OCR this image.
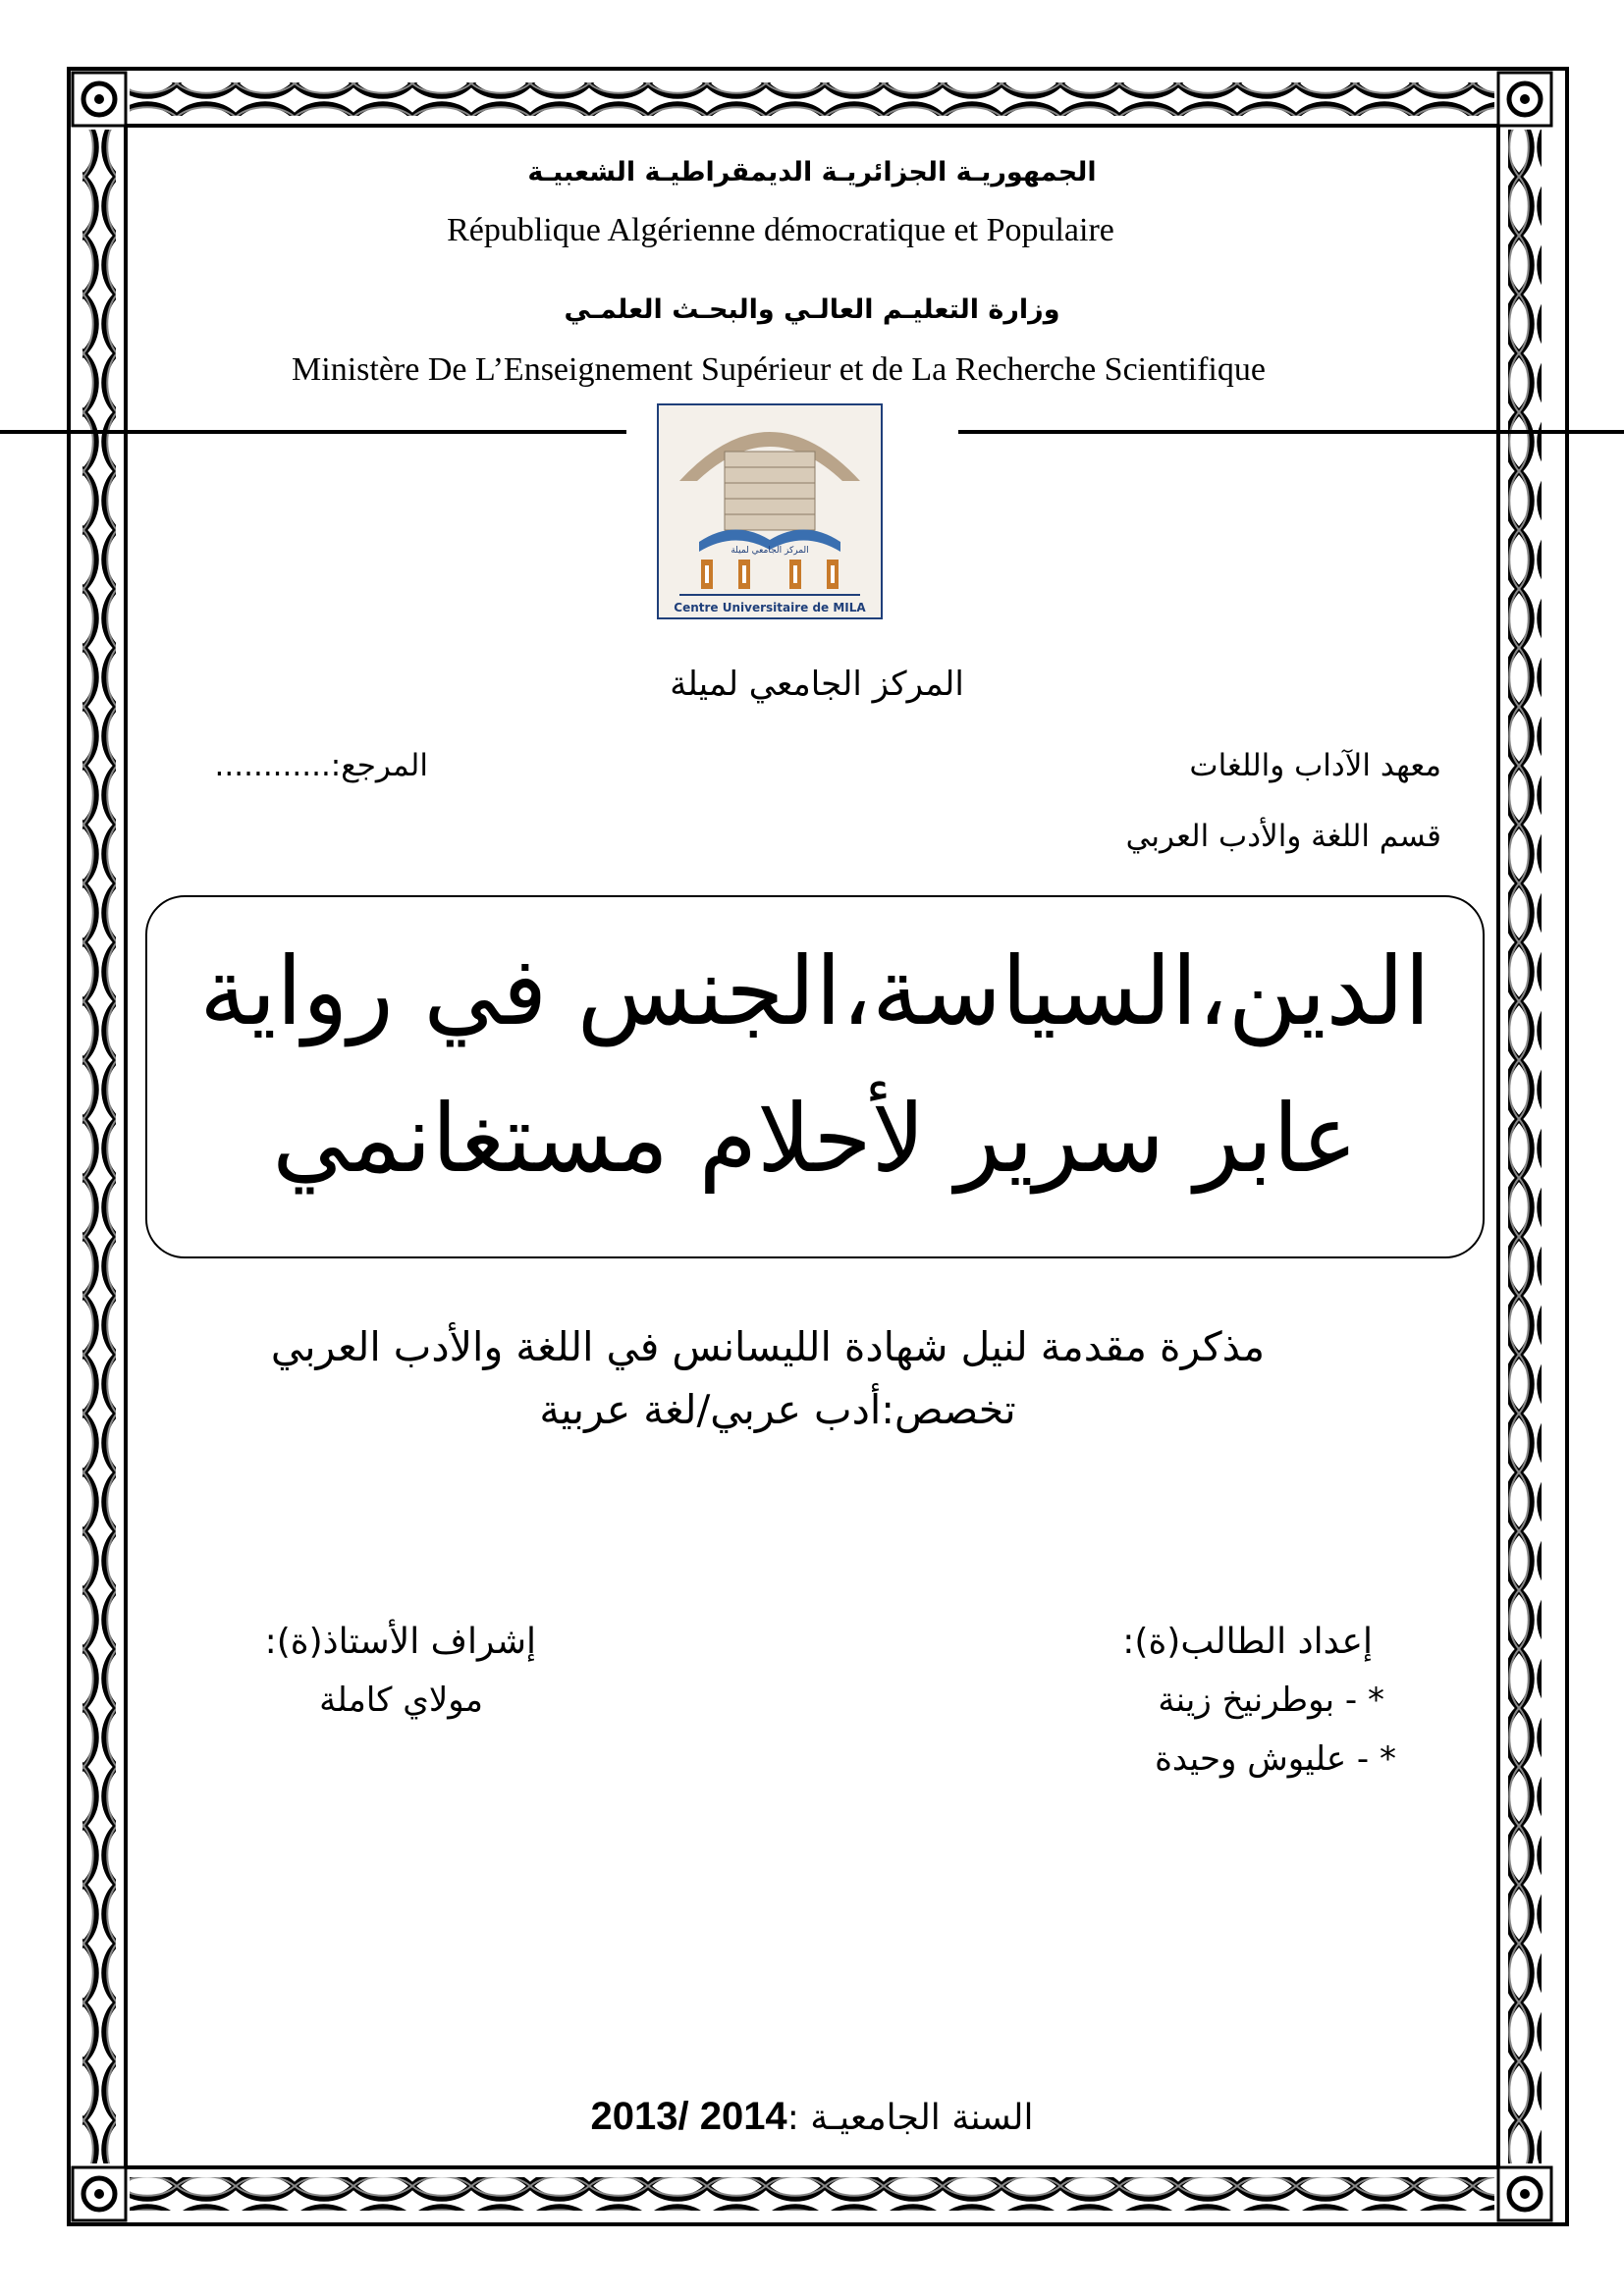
الجمهوريـة الجزائريـة الديمقراطيـة الشعبيـة
République Algérienne démocratique et Populaire
وزارة التعليـم العالـي والبحـث العلمـي
Ministère De L’Enseignement Supérieur et de La Recherche Scientifique
المركز الجامعي لميلة
Centre Universitaire de MILA
المركز الجامعي لميلة
معهد الآداب واللغات
المرجع:............
قسم اللغة والأدب العربي
الدين،السياسة،الجنس في رواية
عابر سرير لأحلام مستغانمي
مذكرة مقدمة لنيل شهادة الليسانس في اللغة والأدب العربي
تخصص:أدب عربي/لغة عربية
إشراف الأستاذ(ة):
مولاي كاملة
إعداد الطالب(ة):
* - بوطرنيخ زينة
* - عليوش وحيدة
2013/ 2014السنة الجامعيـة :
